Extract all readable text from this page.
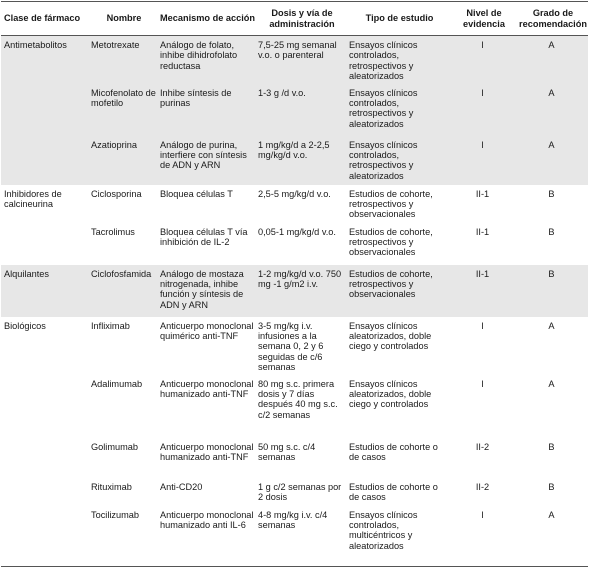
Clase de fármaco	Nombre	Mecanismo de acción	Dosis y vía de administración	Tipo de estudio	Nivel de evidencia	Grado de recomendación
Antimetabolitos	Metotrexate	Análogo de folato, inhibe dihidrofolato reductasa	7,5-25 mg semanal v.o. o parenteral	Ensayos clínicos controlados, retrospectivos y aleatorizados	I	A
	Micofenolato de mofetilo	Inhibe síntesis de purinas	1-3 g /d v.o.	Ensayos clínicos controlados, retrospectivos y aleatorizados	I	A
	Azatioprina	Análogo de purina, interfiere con síntesis de ADN y ARN	1 mg/kg/d a 2-2,5 mg/kg/d v.o.	Ensayos clínicos controlados, retrospectivos y aleatorizados	I	A
Inhibidores de calcineurina	Ciclosporina	Bloquea células T	2,5-5 mg/kg/d v.o.	Estudios de cohorte, retrospectivos y observacionales	II-1	B
	Tacrolimus	Bloquea células T vía inhibición de IL-2	0,05-1 mg/kg/d v.o.	Estudios de cohorte, retrospectivos y observacionales	II-1	B
Alquilantes	Ciclofosfamida	Análogo de mostaza nitrogenada, inhibe función y síntesis de ADN y ARN	1-2 mg/kg/d v.o. 750 mg -1 g/m2 i.v.	Estudios de cohorte, retrospectivos y observacionales	II-1	B
Biológicos	Infliximab	Anticuerpo monoclonal quimérico anti-TNF	3-5 mg/kg i.v. infusiones a la semana 0, 2 y 6 seguidas de c/6 semanas	Ensayos clínicos aleatorizados, doble ciego y controlados	I	A
	Adalimumab	Anticuerpo monoclonal humanizado anti-TNF	80 mg s.c. primera dosis y 7 días después 40 mg s.c. c/2 semanas	Ensayos clínicos aleatorizados, doble ciego y controlados	I	A
	Golimumab	Anticuerpo monoclonal humanizado anti-TNF	50 mg s.c. c/4 semanas	Estudios de cohorte o de casos	II-2	B
	Rituximab	Anti-CD20	1 g c/2 semanas por 2 dosis	Estudios de cohorte o de casos	II-2	B
	Tocilizumab	Anticuerpo monoclonal humanizado anti IL-6	4-8 mg/kg i.v. c/4 semanas	Ensayos clínicos controlados, multicéntricos y aleatorizados	I	A
